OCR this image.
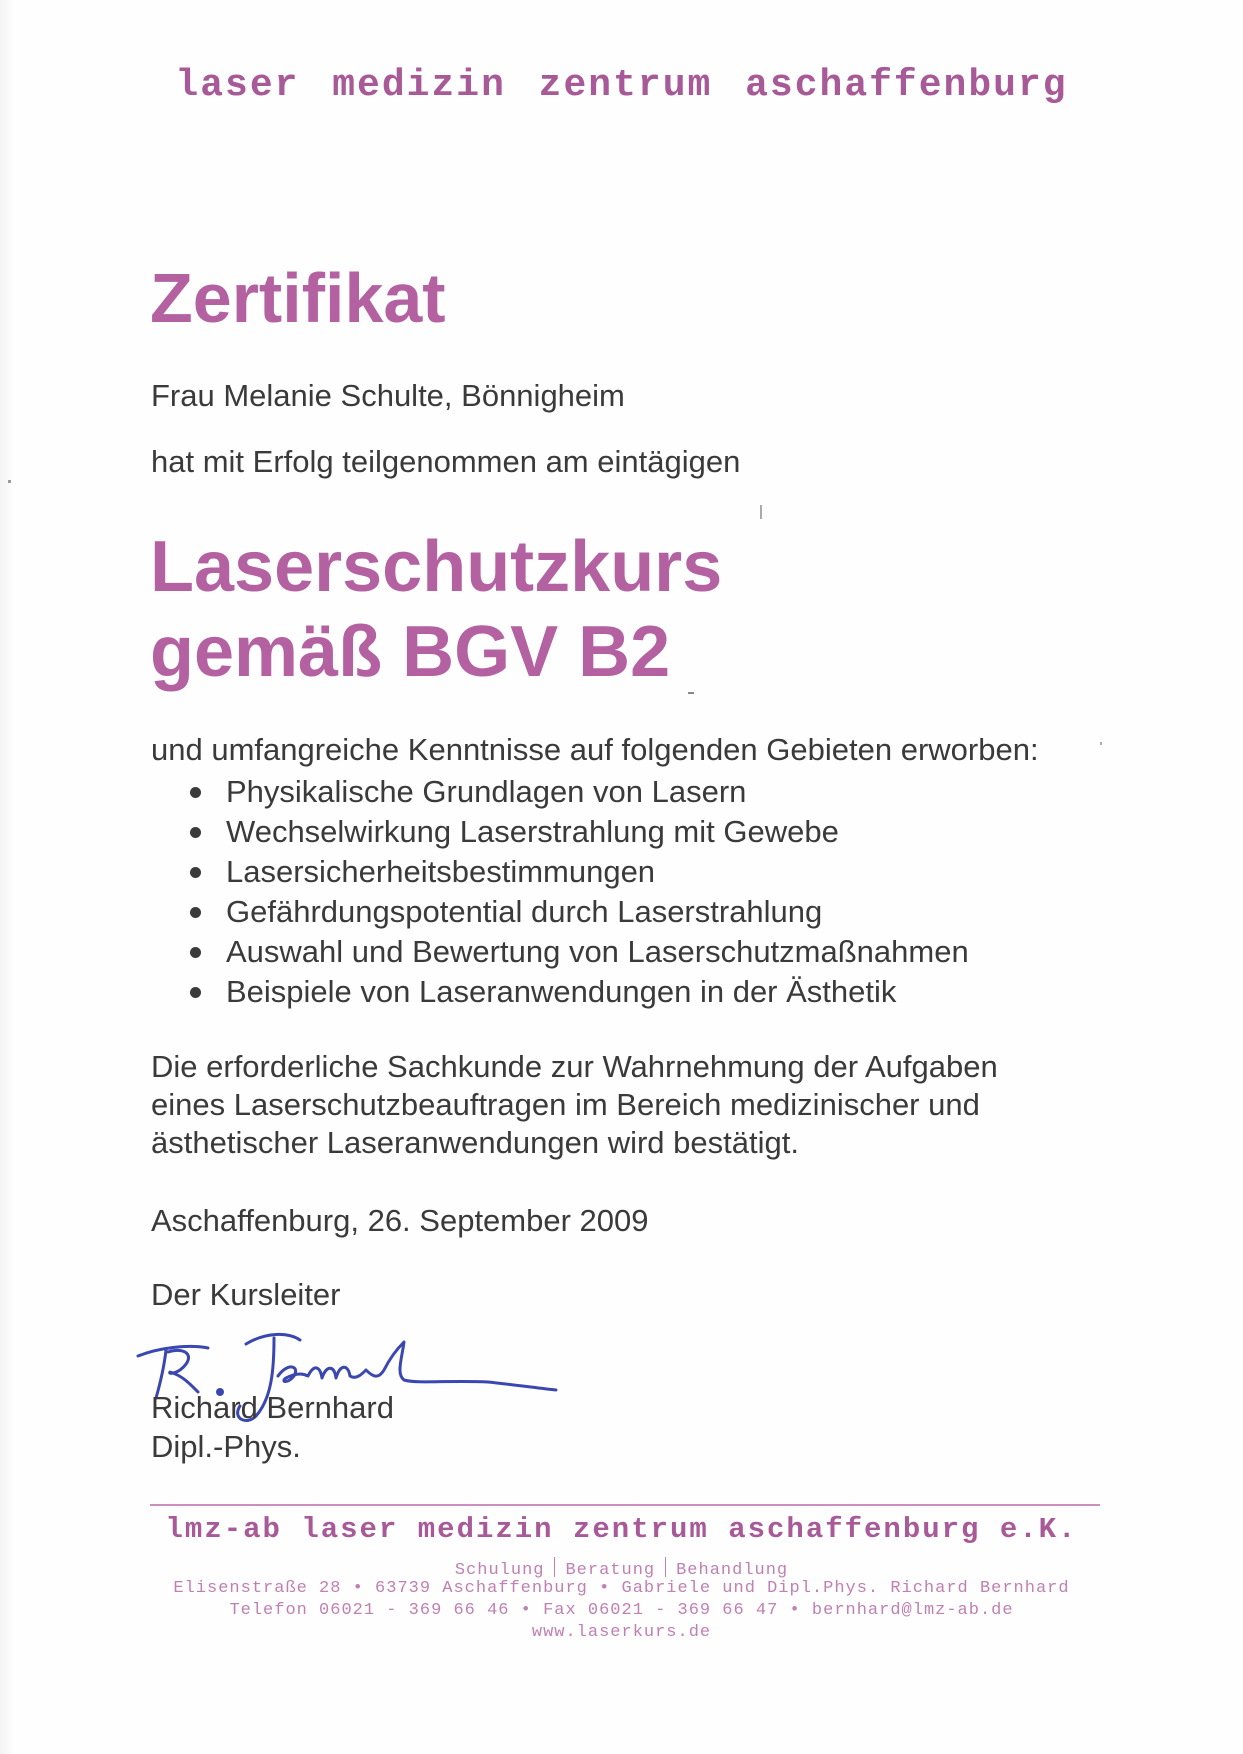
laser medizin zentrum aschaffenburg
Zertifikat
Frau Melanie Schulte, Bönnigheim
hat mit Erfolg teilgenommen am eintägigen
Laserschutzkurs
gemäß BGV B2
und umfangreiche Kenntnisse auf folgenden Gebieten erworben:
Physikalische Grundlagen von Lasern
Wechselwirkung Laserstrahlung mit Gewebe
Lasersicherheitsbestimmungen
Gefährdungspotential durch Laserstrahlung
Auswahl und Bewertung von Laserschutzmaßnahmen
Beispiele von Laseranwendungen in der Ästhetik
Die erforderliche Sachkunde zur Wahrnehmung der Aufgaben
eines Laserschutzbeauftragen im Bereich medizinischer und
ästhetischer Laseranwendungen wird bestätigt.
Aschaffenburg, 26. September 2009
Der Kursleiter
Richard Bernhard
Dipl.-Phys.
lmz-ab laser medizin zentrum aschaffenburg e.K.
Schulung Beratung Behandlung
Elisenstraße 28 • 63739 Aschaffenburg • Gabriele und Dipl.Phys. Richard Bernhard
Telefon 06021 - 369 66 46 • Fax 06021 - 369 66 47 • bernhard@lmz-ab.de
www.laserkurs.de
